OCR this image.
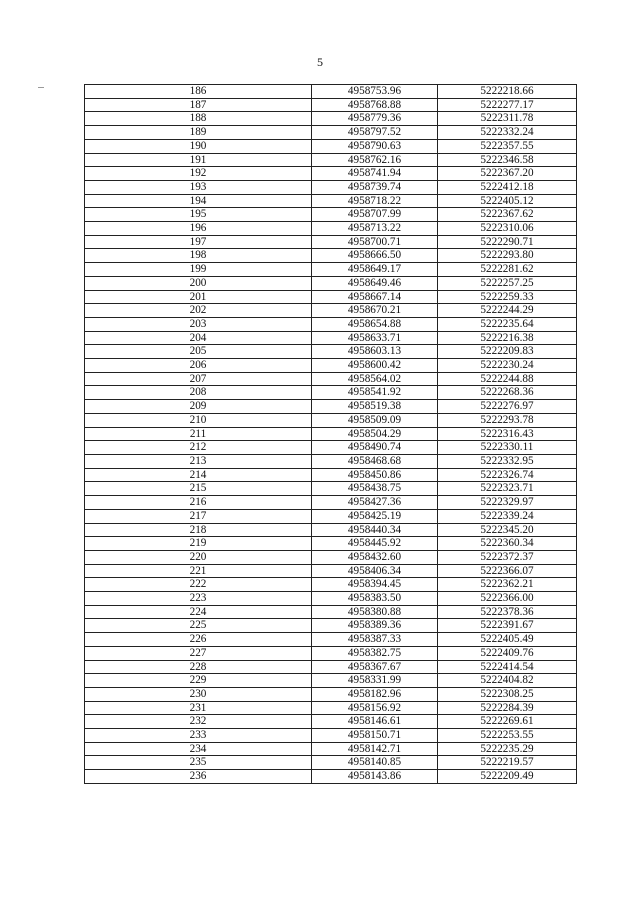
5
186	4958753.96	5222218.66
187	4958768.88	5222277.17
188	4958779.36	5222311.78
189	4958797.52	5222332.24
190	4958790.63	5222357.55
191	4958762.16	5222346.58
192	4958741.94	5222367.20
193	4958739.74	5222412.18
194	4958718.22	5222405.12
195	4958707.99	5222367.62
196	4958713.22	5222310.06
197	4958700.71	5222290.71
198	4958666.50	5222293.80
199	4958649.17	5222281.62
200	4958649.46	5222257.25
201	4958667.14	5222259.33
202	4958670.21	5222244.29
203	4958654.88	5222235.64
204	4958633.71	5222216.38
205	4958603.13	5222209.83
206	4958600.42	5222230.24
207	4958564.02	5222244.88
208	4958541.92	5222268.36
209	4958519.38	5222276.97
210	4958509.09	5222293.78
211	4958504.29	5222316.43
212	4958490.74	5222330.11
213	4958468.68	5222332.95
214	4958450.86	5222326.74
215	4958438.75	5222323.71
216	4958427.36	5222329.97
217	4958425.19	5222339.24
218	4958440.34	5222345.20
219	4958445.92	5222360.34
220	4958432.60	5222372.37
221	4958406.34	5222366.07
222	4958394.45	5222362.21
223	4958383.50	5222366.00
224	4958380.88	5222378.36
225	4958389.36	5222391.67
226	4958387.33	5222405.49
227	4958382.75	5222409.76
228	4958367.67	5222414.54
229	4958331.99	5222404.82
230	4958182.96	5222308.25
231	4958156.92	5222284.39
232	4958146.61	5222269.61
233	4958150.71	5222253.55
234	4958142.71	5222235.29
235	4958140.85	5222219.57
236	4958143.86	5222209.49
